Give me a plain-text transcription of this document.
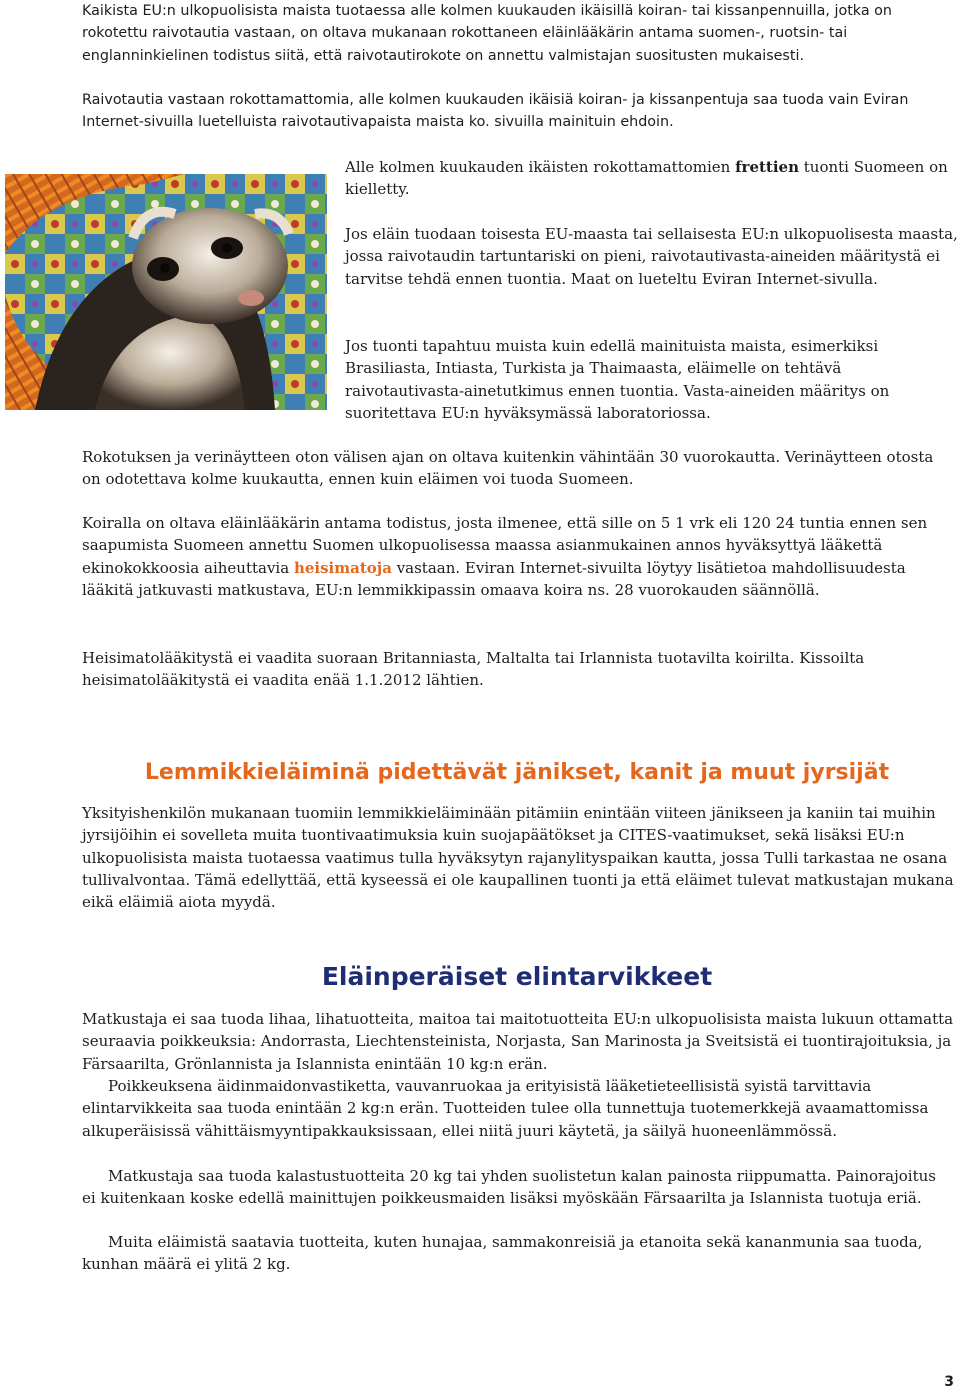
Kaikista EU:n ulkopuolisista maista tuotaessa alle kolmen kuukauden ikäisillä koiran- tai kissanpennuilla, jotka on rokotettu raivotautia vastaan, on oltava mukanaan rokottaneen eläinlääkärin antama suomen-, ruotsin- tai englanninkielinen todistus siitä, että raivotautirokote on annettu valmistajan suositusten mukaisesti.

Raivotautia vastaan rokottamattomia, alle kolmen kuukauden ikäisiä koiran- ja kissanpentuja saa tuoda vain Eviran Internet-sivuilla luetelluista raivotautivapaista maista ko. sivuilla mainituin ehdoin.

Alle kolmen kuukauden ikäisten rokottamattomien frettien tuonti Suomeen on kielletty.

Jos eläin tuodaan toisesta EU-maasta tai sellaisesta EU:n ulkopuolisesta maasta, jossa raivotaudin tartuntariski on pieni, raivotautivasta-aineiden määritystä ei tarvitse tehdä ennen tuontia. Maat on lueteltu Eviran Internet-sivulla.

Jos tuonti tapahtuu muista kuin edellä mainituista maista, esimerkiksi Brasiliasta, Intiasta, Turkista ja Thaimaasta, eläimelle on tehtävä raivotautivasta-ainetutkimus ennen tuontia. Vasta-aineiden määritys on suoritettava EU:n hyväksymässä laboratoriossa.

Rokotuksen ja verinäytteen oton välisen ajan on oltava kuitenkin vähintään 30 vuorokautta. Verinäytteen otosta on odotettava kolme kuukautta, ennen kuin eläimen voi tuoda Suomeen.

Koiralla on oltava eläinlääkärin antama todistus, josta ilmenee, että sille on 5 1 vrk eli 120 24 tuntia ennen sen saapumista Suomeen annettu Suomen ulkopuolisessa maassa asianmukainen annos hyväksyttyä lääkettä ekinokokkoosia aiheuttavia heisimatoja vastaan. Eviran Internet-sivuilta löytyy lisätietoa mahdollisuudesta lääkitä jatkuvasti matkustava, EU:n lemmikkipassin omaava koira ns. 28 vuorokauden säännöllä.

Heisimatolääkitystä ei vaadita suoraan Britanniasta, Maltalta tai Irlannista tuotavilta koirilta. Kissoilta heisimatolääkitystä ei vaadita enää 1.1.2012 lähtien.

Lemmikkieläiminä pidettävät jänikset, kanit ja muut jyrsijät

Yksityishenkilön mukanaan tuomiin lemmikkieläiminään pitämiin enintään viiteen jänikseen ja kaniin tai muihin jyrsijöihin ei sovelleta muita tuontivaatimuksia kuin suojapäätökset ja CITES-vaatimukset, sekä lisäksi EU:n ulkopuolisista maista tuotaessa vaatimus tulla hyväksytyn rajanylityspaikan kautta, jossa Tulli tarkastaa ne osana tullivalvontaa. Tämä edellyttää, että kyseessä ei ole kaupallinen tuonti ja että eläimet tulevat matkustajan mukana eikä eläimiä aiota myydä.

Eläinperäiset elintarvikkeet

Matkustaja ei saa tuoda lihaa, lihatuotteita, maitoa tai maitotuotteita EU:n ulkopuolisista maista lukuun ottamatta seuraavia poikkeuksia: Andorrasta, Liechtensteinista, Norjasta, San Marinosta ja Sveitsistä ei tuontirajoituksia, ja Färsaarilta, Grönlannista ja Islannista enintään 10 kg:n erän.

Poikkeuksena äidinmaidonvastiketta, vauvanruokaa ja erityisistä lääketieteellisistä syistä tarvittavia elintarvikkeita saa tuoda enintään 2 kg:n erän. Tuotteiden tulee olla tunnettuja tuotemerkkejä avaamattomissa alkuperäisissä vähittäismyyntipakkauksissaan, ellei niitä juuri käytetä, ja säilyä huoneenlämmössä.

Matkustaja saa tuoda kalastustuotteita 20 kg tai yhden suolistetun kalan painosta riippumatta. Painorajoitus ei kuitenkaan koske edellä mainittujen poikkeusmaiden lisäksi myöskään Färsaarilta ja Islannista tuotuja eriä.

Muita eläimistä saatavia tuotteita, kuten hunajaa, sammakonreisiä ja etanoita sekä kananmunia saa tuoda, kunhan määrä ei ylitä 2 kg.

3
